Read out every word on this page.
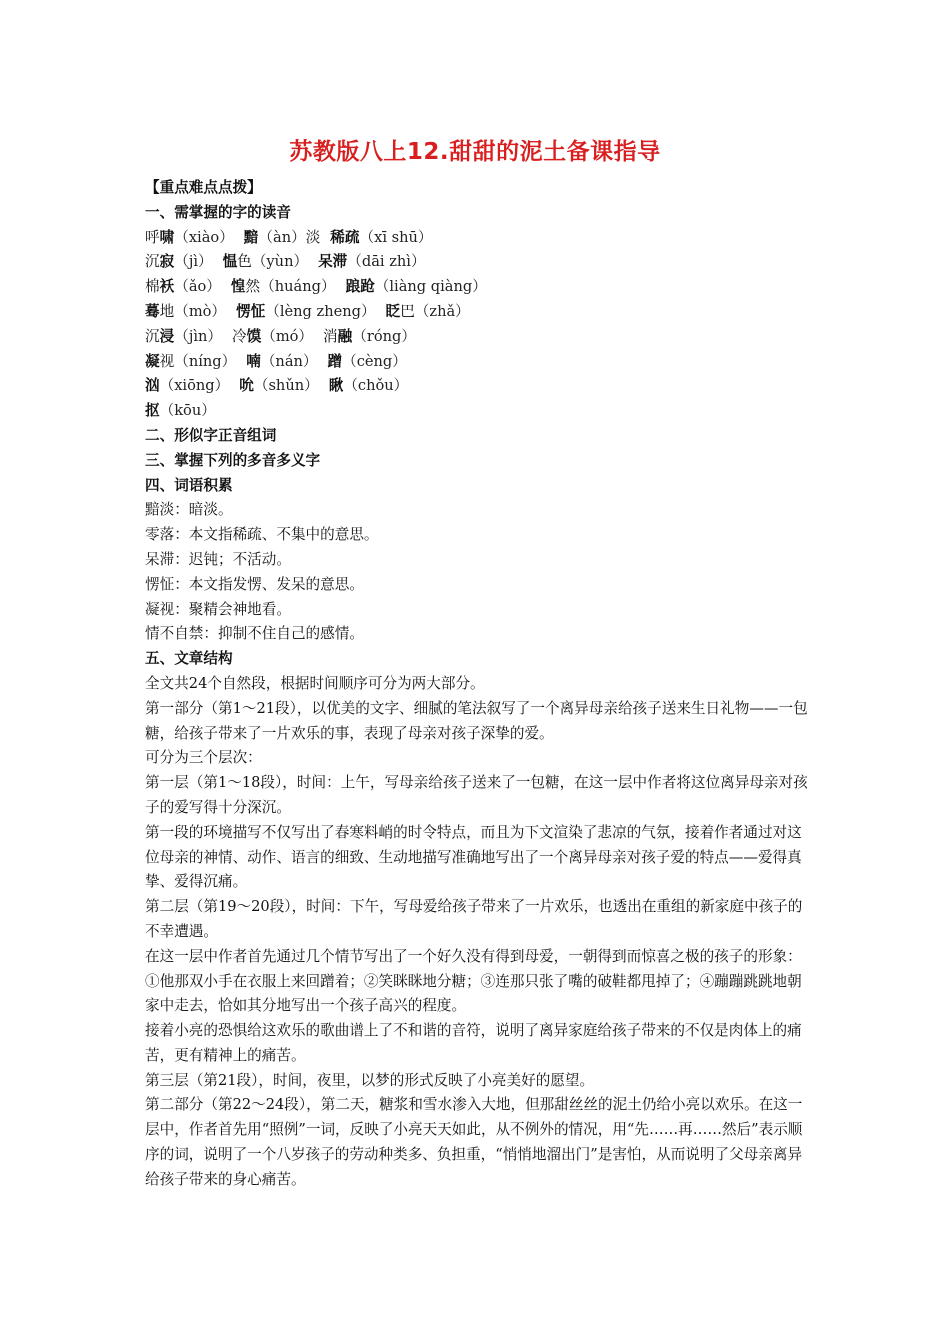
苏教版八上12.甜甜的泥土备课指导
【重点难点点拨】
一、需掌握的字的读音
呼啸（xiào） 黯（àn）淡 稀疏（xī shū）
沉寂（jì） 愠色（yùn） 呆滞（dāi zhì）
棉袄（ǎo） 惶然（huáng） 踉跄（liàng qiàng）
蓦地（mò） 愣怔（lèng zheng） 眨巴（zhǎ）
沉浸（jìn） 冷馍（mó） 消融（róng）
凝视（níng） 喃（nán） 蹭（cèng）
汹（xiōng） 吮（shǔn） 瞅（chǒu）
抠（kōu）
二、形似字正音组词
三、掌握下列的多音多义字
四、词语积累
黯淡：暗淡。
零落：本文指稀疏、不集中的意思。
呆滞：迟钝；不活动。
愣怔：本文指发愣、发呆的意思。
凝视：聚精会神地看。
情不自禁：抑制不住自己的感情。
五、文章结构
全文共24个自然段，根据时间顺序可分为两大部分。
第一部分（第1～21段），以优美的文字、细腻的笔法叙写了一个离异母亲给孩子送来生日礼物——一包糖，给孩子带来了一片欢乐的事，表现了母亲对孩子深挚的爱。
可分为三个层次：
第一层（第1～18段），时间：上午，写母亲给孩子送来了一包糖，在这一层中作者将这位离异母亲对孩子的爱写得十分深沉。
第一段的环境描写不仅写出了春寒料峭的时令特点，而且为下文渲染了悲凉的气氛，接着作者通过对这位母亲的神情、动作、语言的细致、生动地描写准确地写出了一个离异母亲对孩子爱的特点——爱得真挚、爱得沉痛。
第二层（第19～20段），时间：下午，写母爱给孩子带来了一片欢乐，也透出在重组的新家庭中孩子的不幸遭遇。
在这一层中作者首先通过几个情节写出了一个好久没有得到母爱，一朝得到而惊喜之极的孩子的形象：①他那双小手在衣服上来回蹭着；②笑眯眯地分糖；③连那只张了嘴的破鞋都甩掉了；④蹦蹦跳跳地朝家中走去，恰如其分地写出一个孩子高兴的程度。
接着小亮的恐惧给这欢乐的歌曲谱上了不和谐的音符，说明了离异家庭给孩子带来的不仅是肉体上的痛苦，更有精神上的痛苦。
第三层（第21段），时间，夜里，以梦的形式反映了小亮美好的愿望。
第二部分（第22～24段），第二天，糖浆和雪水渗入大地，但那甜丝丝的泥土仍给小亮以欢乐。在这一层中，作者首先用“照例”一词，反映了小亮天天如此，从不例外的情况，用“先……再……然后”表示顺序的词，说明了一个八岁孩子的劳动种类多、负担重，“悄悄地溜出门”是害怕，从而说明了父母亲离异给孩子带来的身心痛苦。
